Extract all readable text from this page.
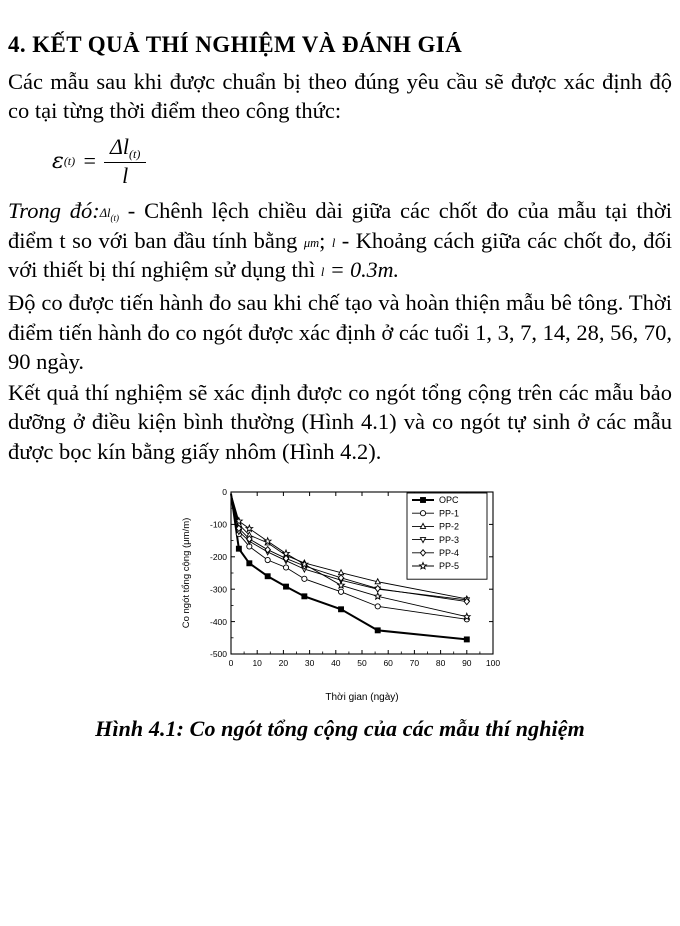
4. KẾT QUẢ THÍ NGHIỆM VÀ ĐÁNH GIÁ

Các mẫu sau khi được chuẩn bị theo đúng yêu cầu sẽ được xác định độ co tại từng thời điểm theo công thức:

ε $(t) = \frac{\Delta l_{(t)}}{l}$
Trong đó:Δl(t) - Chênh lệch chiều dài giữa các chốt đo của mẫu tại thời điểm t so với ban đầu tính bằng μm; l - Khoảng cách giữa các chốt đo, đối với thiết bị thí nghiệm sử dụng thì l = 0.3m.

Độ co được tiến hành đo sau khi chế tạo và hoàn thiện mẫu bê tông. Thời điểm tiến hành đo co ngót được xác định ở các tuổi 1, 3, 7, 14, 28, 56, 70, 90 ngày.

Kết quả thí nghiệm sẽ xác định được co ngót tổng cộng trên các mẫu bảo dưỡng ở điều kiện bình thường (Hình 4.1) và co ngót tự sinh ở các mẫu được bọc kín bằng giấy nhôm (Hình 4.2).

0 10 20 30 40 50 60 70 80 90 100
-500
-400
-300
-200
-100
0
Thời gian (ngày)
Co ngót tổng cộng (μm/m)
OPC
PP-1
PP-2
PP-3
PP-4
PP-5
Hình 4.1: Co ngót tổng cộng của các mẫu thí nghiệm
